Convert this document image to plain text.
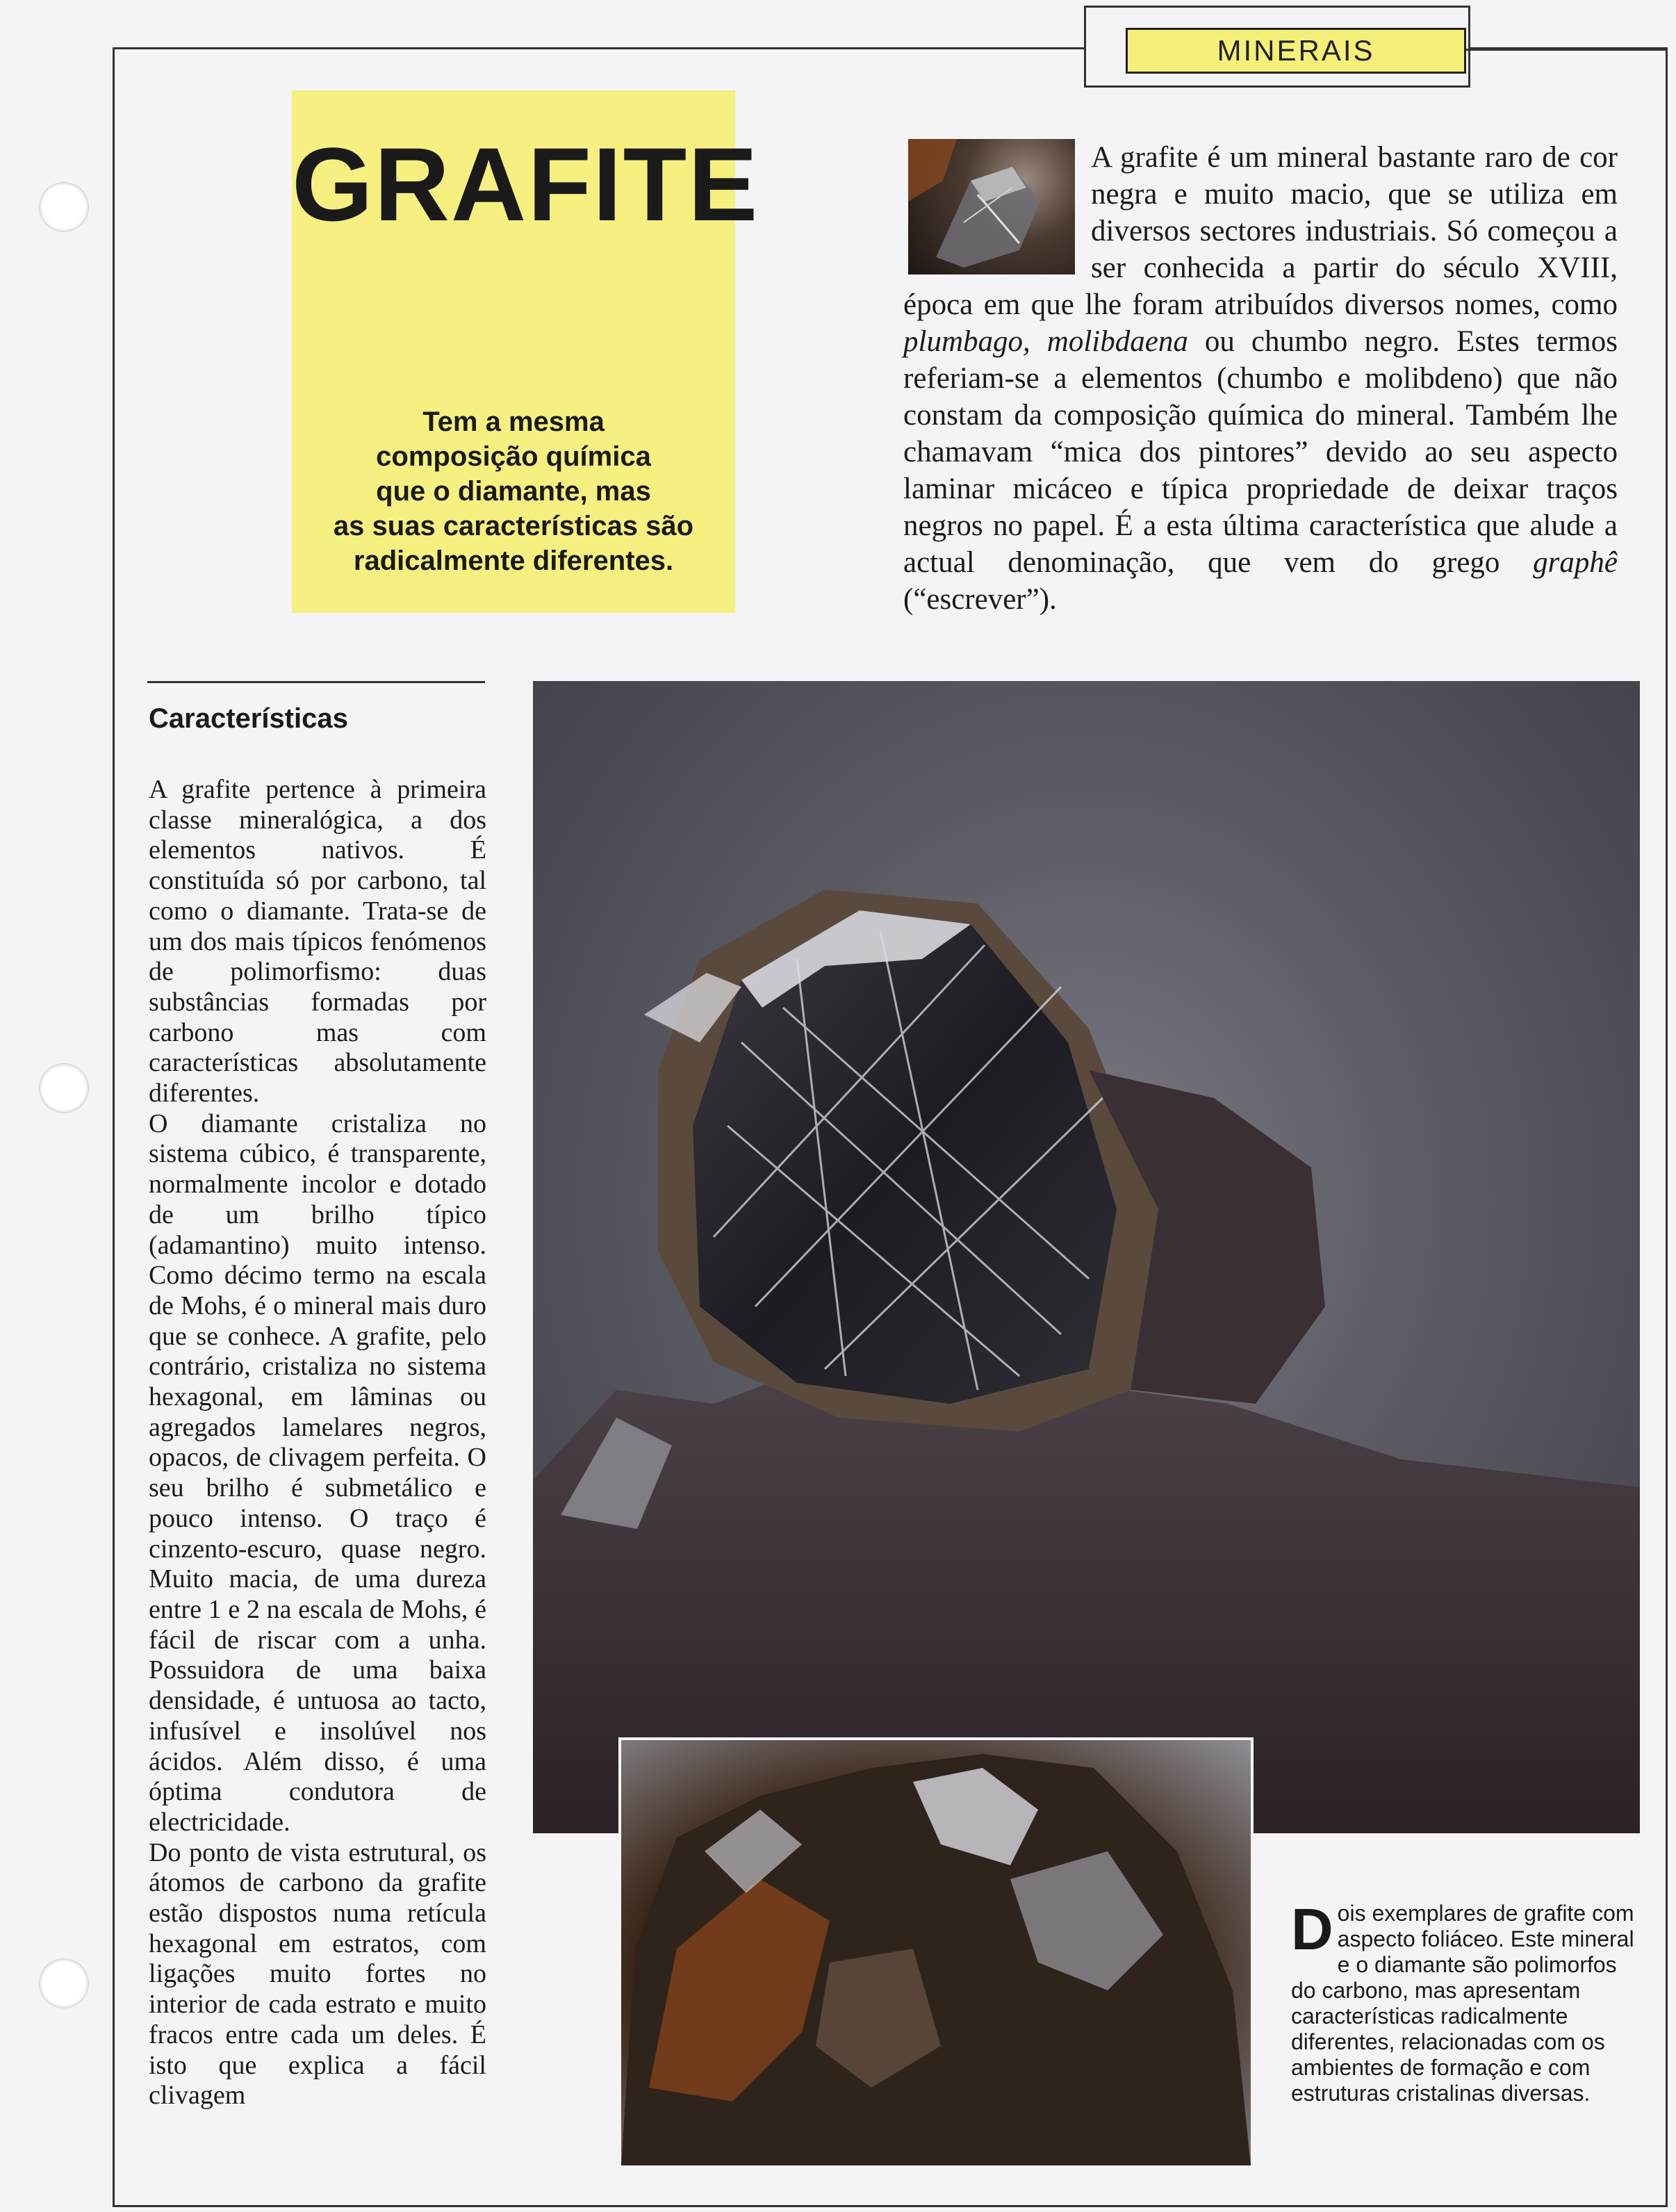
MINERAIS
GRAFITE
Tem a mesma
composição química
que o diamante, mas
as suas características são
radicalmente diferentes.

A grafite é um mineral bastante raro de cor negra e muito macio, que se utiliza em diversos sectores industriais. Só começou a ser conhecida a partir do século XVIII, época em que lhe foram atribuídos diversos nomes, como plumbago, molibdaena ou chumbo negro. Estes termos referiam-se a elementos (chumbo e molibdeno) que não constam da composição química do mineral. Também lhe chamavam “mica dos pintores” devido ao seu aspecto laminar micáceo e típica propriedade de deixar traços negros no papel. É a esta última característica que alude a actual denominação, que vem do grego graphê (“escrever”).

Características

A grafite pertence à primeira classe mineralógica, a dos elementos nativos. É constituída só por carbono, tal como o diamante. Trata-se de um dos mais típicos fenómenos de polimorfismo: duas substâncias formadas por carbono mas com características absolutamente diferentes.

O diamante cristaliza no sistema cúbico, é transparente, normalmente incolor e dotado de um brilho típico (adamantino) muito intenso. Como décimo termo na escala de Mohs, é o mineral mais duro que se conhece. A grafite, pelo contrário, cristaliza no sistema hexagonal, em lâminas ou agregados lamelares negros, opacos, de clivagem perfeita. O seu brilho é submetálico e pouco intenso. O traço é cinzento-escuro, quase negro. Muito macia, de uma dureza entre 1 e 2 na escala de Mohs, é fácil de riscar com a unha. Possuidora de uma baixa densidade, é untuosa ao tacto, infusível e insolúvel nos ácidos. Além disso, é uma óptima condutora de electricidade.

Do ponto de vista estrutural, os átomos de carbono da grafite estão dispostos numa retícula hexagonal em estratos, com ligações muito fortes no interior de cada estrato e muito fracos entre cada um deles. É isto que explica a fácil clivagem

Dois exemplares de grafite com aspecto foliáceo. Este mineral e o diamante são polimorfos do carbono, mas apresentam características radicalmente diferentes, relacionadas com os ambientes de formação e com estruturas cristalinas diversas.
